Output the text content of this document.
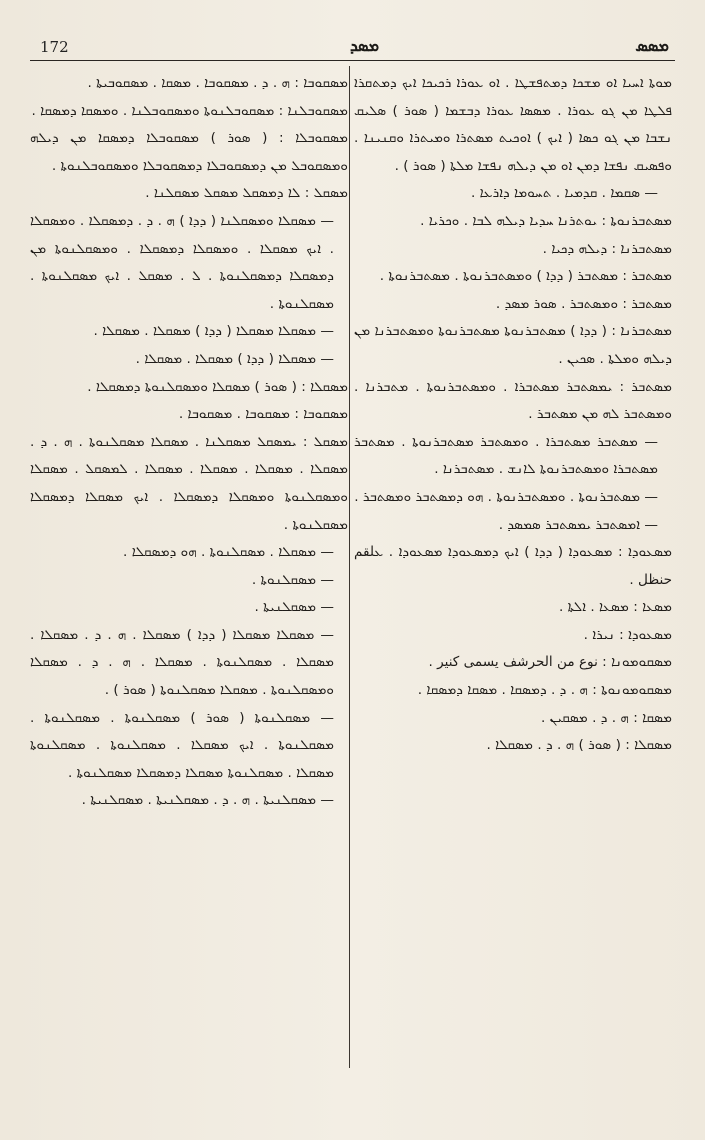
172	ܡܣܕ	ܡܣܣ

ܡܘܬܐ ܐܚܝܐ ܐܘ ܡܫܟܐ ܕܡܬܦܫܛܐ . ܐܘ ܥܘܪܐ ܪܟܝܟܐ ܐܝܟ ܕܡܬܩܪܐ ܦܠܛܐ ܡܢ ܓܘ ܥܘܪܐ . ܡܣܣܐ ܥܘܪܐ ܕܒܫܡܐ ( ܣܘܪ ) ܣܠܝܩ ܢܫܒܐ ܡܢ ܓܘ ܟܣܐ ( ܐܝܟ ) ܐܘܟܝܬ ܡܣܬܪܐ ܘܡܝܬܪܐ ܘܩܢܝܢܐ . ܘܦܣܝܩ ܢܦܫܐ ܕܡܢ ܐܘ ܡܢ ܕܝܠܗ ܢܦܫܐ ܡܠܬܐ ( ܣܘܪ ) .

— ܣܩܡܐ . ܩܕܡܝܐ . ܬܚܘܡܐ ܕܐܪܥܐ .

ܡܣܬܒܪܢܘܬܐ : ܝܘܬܪܢܐ ܚܕܝܐ ܕܝܠܗ ܠܒܐ . ܘܟܪܝܐ .

ܡܣܬܒܪܢܐ : ܕܝܠܗ ܕܟܝܐ .

ܡܣܬܒܪ : ܡܣܬܒܪ ( ܕܕܐ ) ܘܡܣܬܒܪܢܘܬܐ . ܡܣܬܒܪܢܘܬܐ .

ܡܣܬܒܪ : ܘܡܣܬܒܪ . ܣܘܪ ܡܣܕ .

ܡܣܬܒܪܢܐ : ( ܕܕܐ ) ܡܣܬܒܪܢܘܬܐ ܡܣܬܒܪܢܘܬܐ ܘܡܣܬܒܪܢܐ ܡܢ ܕܝܠܗ ܘܡܠܬܐ . ܣܟܝܢ .

ܡܣܬܒܪ : ܝܡܣܬܒܪ ܡܣܬܒܪܐ . ܘܡܣܬܒܪܢܘܬܐ . ܡܬܒܪܢܐ . ܘܡܣܬܒܪ ܠܗ ܡܢ ܡܣܬܒܪ .

— ܡܣܬܒܪ ܡܣܬܒܪܐ . ܘܡܣܬܒܪ ܡܣܬܒܪܢܘܬܐ . ܡܣܬܒܪ ܡܣܬܒܪܐ ܘܡܣܬܒܪܢܘܬܐ ܠܐܢܫ . ܡܣܬܒܪܢܐ .

— ܡܣܬܒܪܢܘܬܐ . ܘܡܣܬܒܪܢܘܬܐ . ܗܘ ܕܡܣܬܒܪ ܘܡܣܬܒܪ .

— ܐܡܣܬܒܪ ܝܡܣܬܒܪ ܣܡܣܕ .

ܡܣܥܘܕܐ : ܡܣܥܘܕܐ ( ܕܕܐ ) ܐܝܟ ܕܡܣܥܘܕܐ ܡܣܥܘܕܐ . ܥلقم حنظل .

ܡܣܥܐ : ܡܣܥܐ . ܐܠܬܐ .

ܡܣܥܘܕܐ : ܢܝܪܐ .

ܡܣܩܘܡܘܢܐ : نوع من الحرشف يسمى كنير .

ܡܣܩܘܡܘܢܘܬܐ : ܗ . ܕ . ܕܡܣܩܐ . ܡܣܩܐ ܕܡܣܩܐ .

ܡܣܩܐ : ܗ . ܕ . ܡܣܩܝܢ .

ܡܣܩܠܐ : ( ܣܘܪ ) ܗ . ܕ . ܡܣܩܠܐ .

ܡܣܩܘܒܐ : ܗ . ܕ . ܡܣܩܘܒܐ . ܡܣܩܐ . ܡܣܩܘܒܝܬܐ .

ܡܣܩܘܒܠܢܐ : ܡܣܩܘܒܠܢܘܬܐ ܘܡܣܩܘܒܠܢܐ . ܘܡܣܩܐ ܕܡܣܩܐ .

ܡܣܩܘܒܠܐ : ( ܣܘܪ ) ܡܣܩܘܒܠܐ ܕܡܣܩܐ ܡܢ ܕܝܠܗ ܘܡܣܩܘܒܠ ܡܢ ܕܡܣܩܘܒܠܐ ܕܡܣܩܘܒܠܐ ܘܡܣܩܘܒܠܢܘܬܐ .

ܡܣܩܠ : ܠܐ ܕܡܣܩܠ ܡܣܩܠ ܡܣܩܠܢܐ .

— ܡܣܩܠܐ ܘܡܣܩܠܢܐ ( ܕܕܐ ) ܗ . ܕ . ܕܡܣܩܠܐ . ܘܡܣܩܠܐ . ܐܝܟ ܡܣܩܠܐ . ܘܡܣܩܠܐ ܕܡܣܩܠܐ . ܘܡܣܩܠܢܘܬܐ ܡܢ ܕܡܣܩܠܐ ܕܡܣܩܠܢܘܬܐ . ܠ . ܡܣܩܠ . ܐܝܟ ܡܣܩܠܢܘܬܐ . ܡܣܩܠܢܘܬܐ .

— ܡܣܩܠܐ ܡܣܩܠܐ ( ܕܕܐ ) ܡܣܩܠܐ . ܡܣܩܠܐ .

— ܡܣܩܠܐ ( ܕܕܐ ) ܡܣܩܠܐ . ܡܣܩܠܐ .

ܡܣܩܠܐ : ( ܣܘܪ ) ܡܣܩܠܐ ܘܡܣܩܠܢܘܬܐ ܕܡܣܩܠܐ .

ܡܣܩܘܒܐ : ܡܣܩܘܒܐ . ܡܣܩܘܒܐ .

ܡܣܩܠ : ܝܡܣܩܠ ܡܣܩܠܢܐ . ܡܣܩܠܐ ܡܣܩܠܢܘܬܐ . ܗ . ܕ . ܡܣܩܠܐ . ܡܣܩܠܐ . ܡܣܩܠܐ . ܡܣܩܠܐ . ܠܡܣܩܠ . ܡܣܩܠܐ ܘܡܣܩܠܢܘܬܐ ܘܡܣܩܠܐ ܕܡܣܩܠܐ . ܐܝܟ ܡܣܩܠܐ ܕܡܣܩܠܐ ܡܣܩܠܢܘܬܐ .

— ܡܣܩܠܐ . ܡܣܩܠܢܘܬܐ . ܗܘ ܕܡܣܩܠܐ .

— ܡܣܩܠܢܘܬܐ .

— ܡܣܩܠܢܝܬܐ .

— ܡܣܩܠܐ ܡܣܩܠܐ ( ܕܕܐ ) ܡܣܩܠܐ . ܗ . ܕ . ܡܣܩܠܐ . ܡܣܩܠܐ . ܡܣܩܠܢܘܬܐ . ܡܣܩܠܐ . ܗ . ܕ . ܡܣܩܠܐ ܘܡܣܩܠܢܘܬܐ . ܡܣܩܠܐ ܡܣܩܠܢܘܬܐ ( ܣܘܪ ) .

— ܡܣܩܠܢܘܬܐ ( ܣܘܪ ) ܡܣܩܠܢܘܬܐ . ܡܣܩܠܢܘܬܐ . ܡܣܩܠܢܘܬܐ . ܐܝܟ ܡܣܩܠܐ . ܡܣܩܠܢܘܬܐ . ܡܣܩܠܢܘܬܐ ܡܣܩܠܐ . ܡܣܩܠܢܘܬܐ ܡܣܩܠܐ ܕܡܣܩܠܐ ܡܣܩܠܢܘܬܐ .

— ܡܣܩܠܢܝܬܐ . ܗ . ܕ . ܡܣܩܠܢܝܬܐ . ܡܣܩܠܢܝܬܐ .
